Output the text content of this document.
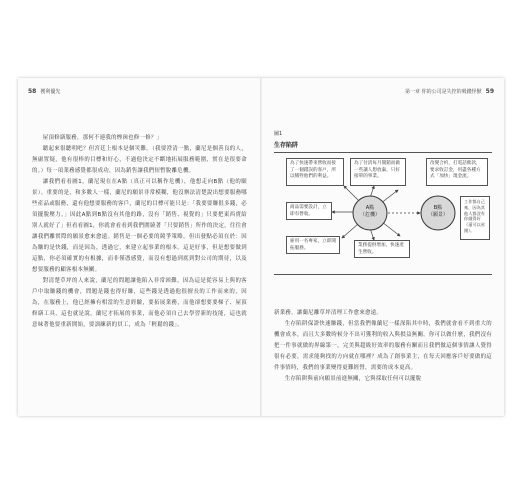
58 獲利優先

屋頂修繕服務，那何不連我的煙囪也修一修？」

聽起來很聰明吧？但宮廷上根本是個災難。（我要澄清一點，蘭尼是個善良的人，無庸置疑，他有很棒的目標和好心，不過他決定不斷地拓展服務範圍，實在是很要命的。）每一項業務感覺都很成功，因為銷售讓我們短暫脫離危機。

讓我們看看圖1，蘭尼現在在A點（真正可以稱作危機），他想走向B點（他的願景）。重要的是，和多數人一樣，蘭尼的願景非常模糊，他沒辦法清楚說出想要服務哪些產品或服務，還有他想要服務的客戶，蘭尼的目標可能只是：「我要要賺很多錢，必須擺脫壓力。」因此A點到B點沒有其他的路，沒有「銷售、視覺的」只要把東西賣給別人就好了」但看看圖1，你就會看看到我們圍繞著「只要銷售」所作的決定，往往會讓我們離實際的願景愈來愈遠。銷售是一個必要的競爭策略，但出發點必須在於：因為賺的是快錢，而是因為，透過它，來建立起事業的根本。這是好事，但是想要做到這點，你必須確實的有根據，而非僅憑感覺，而沒有想過到底到對公司的期待，以及想要服務的顧客根本無關。

對清楚草坪的人來說，蘭尼的問題讓他陷入非常困難，因為這是從容易上與的客戶中取賺錢的機會，問題是錢也得好賺，這些錢是透過他很擅長的工作而來的，因為，在服務上，他已經擁有相當的生意經驗，要拓展業務，而他卻想要要梯子、屋頂修繕工具，這也就是說，蘭尼才拓展的事業，而他必須自己去學習新的技能，這也就意味著他要重新開始，要訓練新的員工，成為「輕鬆的錢」。

第一章 你的公司是失控的吸錢怪獸 59
圖1
生存陷阱
A點
（危機）
B點
（願景）
為了快速帶來營收而接了一個錯誤的客戶，所以犧牲他們的利益。
為了付清每月開銷而做一些讓人想放棄、只好接單的事業。
改變合約，打電話催款，要求收訂金，用盡各種方式「加快」現金流。
商品需要設計，立即有營收。
工作都自己來，因為其他人都沒有你做得好（還可以省錢）。
雇用一名專家，立即開拓服務。	業務提供增加，快速產生營收。

新業務，讓蘭尼離草坪清理工作愈來愈遠。

生存陷阱保證快速賺錢，但當我們像蘭尼一樣深陷其中時，我們就會看不到重大的機會成本，而且大多數時候分不出可獲利的收入與損益無關。你可以做什麼，我們沒有把一件事就做的界線第一，完美與超級好效率的服務有關而且我們做這個事情讓人覺得很有必要，需求能夠找的方向就在哪裡？成為了創事業主，在每天回應客戶好要做的這件事情時，我們的事業變得更難經營，需要的成本更高。

生存陷阱與前向願景前進無關，它與採取任何可以擺脫
